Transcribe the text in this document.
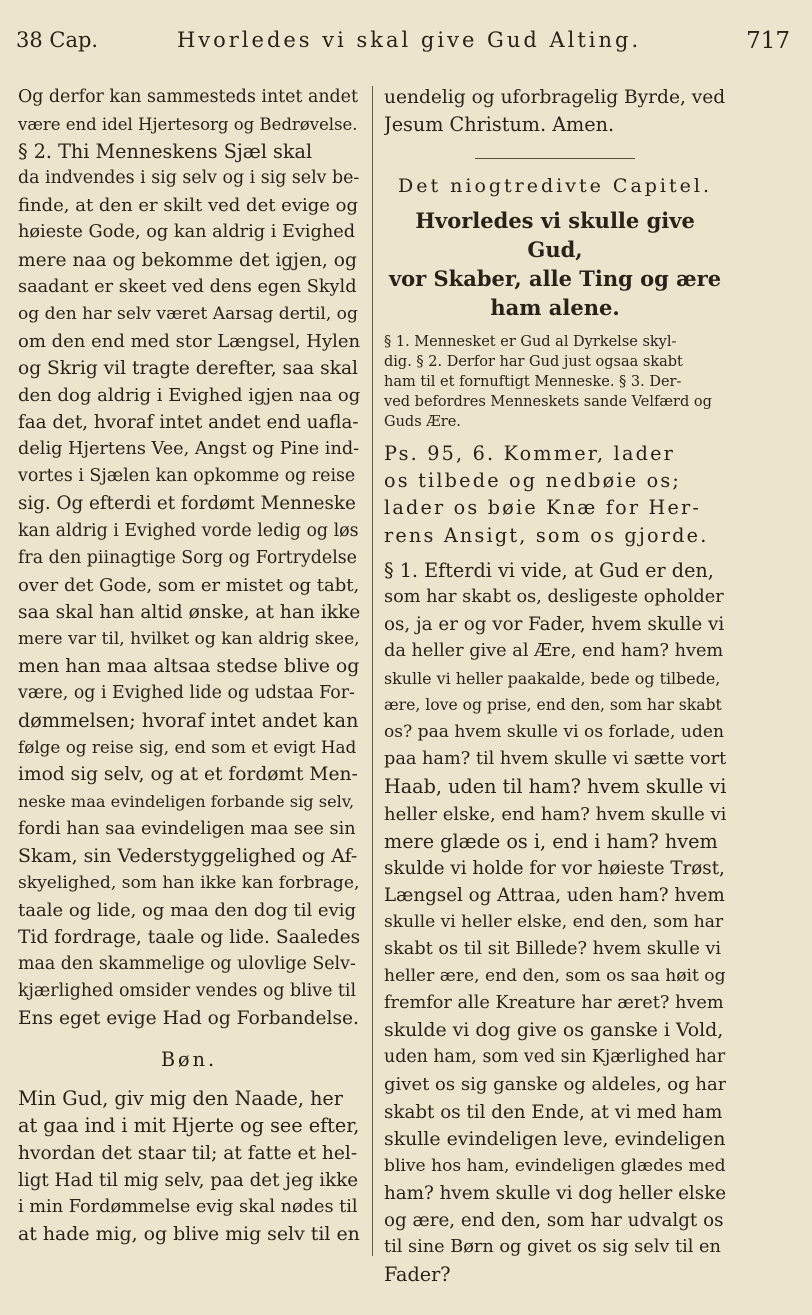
38 Cap.	Hvorledes vi skal give Gud Alting.	717
Og derfor kan sammesteds intet andet
være end idel Hjertesorg og Bedrøvelse.
§ 2. Thi Menneskens Sjæl skal
da indvendes i sig selv og i sig selv be-
finde, at den er skilt ved det evige og
høieste Gode, og kan aldrig i Evighed
mere naa og bekomme det igjen, og
saadant er skeet ved dens egen Skyld
og den har selv været Aarsag dertil, og
om den end med stor Længsel, Hylen
og Skrig vil tragte derefter, saa skal
den dog aldrig i Evighed igjen naa og
faa det, hvoraf intet andet end uafla-
delig Hjertens Vee, Angst og Pine ind-
vortes i Sjælen kan opkomme og reise
sig. Og efterdi et fordømt Menneske
kan aldrig i Evighed vorde ledig og løs
fra den piinagtige Sorg og Fortrydelse
over det Gode, som er mistet og tabt,
saa skal han altid ønske, at han ikke
mere var til, hvilket og kan aldrig skee,
men han maa altsaa stedse blive og
være, og i Evighed lide og udstaa For-
dømmelsen; hvoraf intet andet kan
følge og reise sig, end som et evigt Had
imod sig selv, og at et fordømt Men-
neske maa evindeligen forbande sig selv,
fordi han saa evindeligen maa see sin
Skam, sin Vederstyggelighed og Af-
skyelighed, som han ikke kan forbrage,
taale og lide, og maa den dog til evig
Tid fordrage, taale og lide. Saaledes
maa den skammelige og ulovlige Selv-
kjærlighed omsider vendes og blive til
Ens eget evige Had og Forbandelse.
Bøn.
Min Gud, giv mig den Naade, her
at gaa ind i mit Hjerte og see efter,
hvordan det staar til; at fatte et hel-
ligt Had til mig selv, paa det jeg ikke
i min Fordømmelse evig skal nødes til
at hade mig, og blive mig selv til en
uendelig og uforbragelig Byrde, ved
Jesum Christum. Amen.
Det niogtredivte Capitel.
Hvorledes vi skulle give Gud,
vor Skaber, alle Ting og ære
ham alene.
§ 1. Mennesket er Gud al Dyrkelse skyl-
dig. § 2. Derfor har Gud just ogsaa skabt
ham til et fornuftigt Menneske. § 3. Der-
ved befordres Menneskets sande Velfærd og
Guds Ære.
Ps. 95, 6. Kommer, lader
os tilbede og nedbøie os;
lader os bøie Knæ for Her-
rens Ansigt, som os gjorde.
§ 1. Efterdi vi vide, at Gud er den,
som har skabt os, desligeste opholder
os, ja er og vor Fader, hvem skulle vi
da heller give al Ære, end ham? hvem
skulle vi heller paakalde, bede og tilbede,
ære, love og prise, end den, som har skabt
os? paa hvem skulle vi os forlade, uden
paa ham? til hvem skulle vi sætte vort
Haab, uden til ham? hvem skulle vi
heller elske, end ham? hvem skulle vi
mere glæde os i, end i ham? hvem
skulde vi holde for vor høieste Trøst,
Længsel og Attraa, uden ham? hvem
skulle vi heller elske, end den, som har
skabt os til sit Billede? hvem skulle vi
heller ære, end den, som os saa høit og
fremfor alle Kreature har æret? hvem
skulde vi dog give os ganske i Vold,
uden ham, som ved sin Kjærlighed har
givet os sig ganske og aldeles, og har
skabt os til den Ende, at vi med ham
skulle evindeligen leve, evindeligen
blive hos ham, evindeligen glædes med
ham? hvem skulle vi dog heller elske
og ære, end den, som har udvalgt os
til sine Børn og givet os sig selv til en
Fader?
